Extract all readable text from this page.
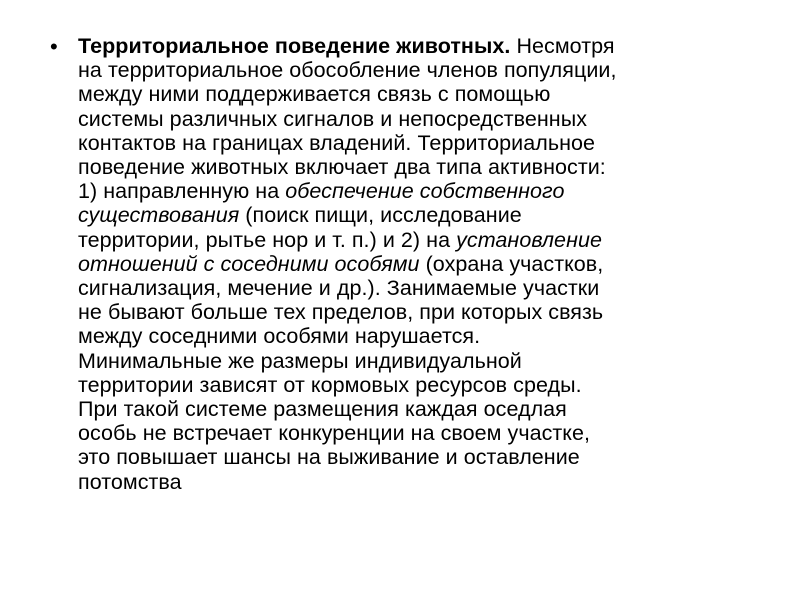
• Территориальное поведение животных. Несмотря
на территориальное обособление членов популяции,
между ними поддерживается связь с помощью
системы различных сигналов и непосредственных
контактов на границах владений. Территориальное
поведение животных включает два типа активности:
1) направленную на обеспечение собственного
существования (поиск пищи, исследование
территории, рытье нор и т. п.) и 2) на установление
отношений с соседними особями (охрана участков,
сигнализация, мечение и др.). Занимаемые участки
не бывают больше тех пределов, при которых связь
между соседними особями нарушается.
Минимальные же размеры индивидуальной
территории зависят от кормовых ресурсов среды.
При такой системе размещения каждая оседлая
особь не встречает конкуренции на своем участке,
это повышает шансы на выживание и оставление
потомства
